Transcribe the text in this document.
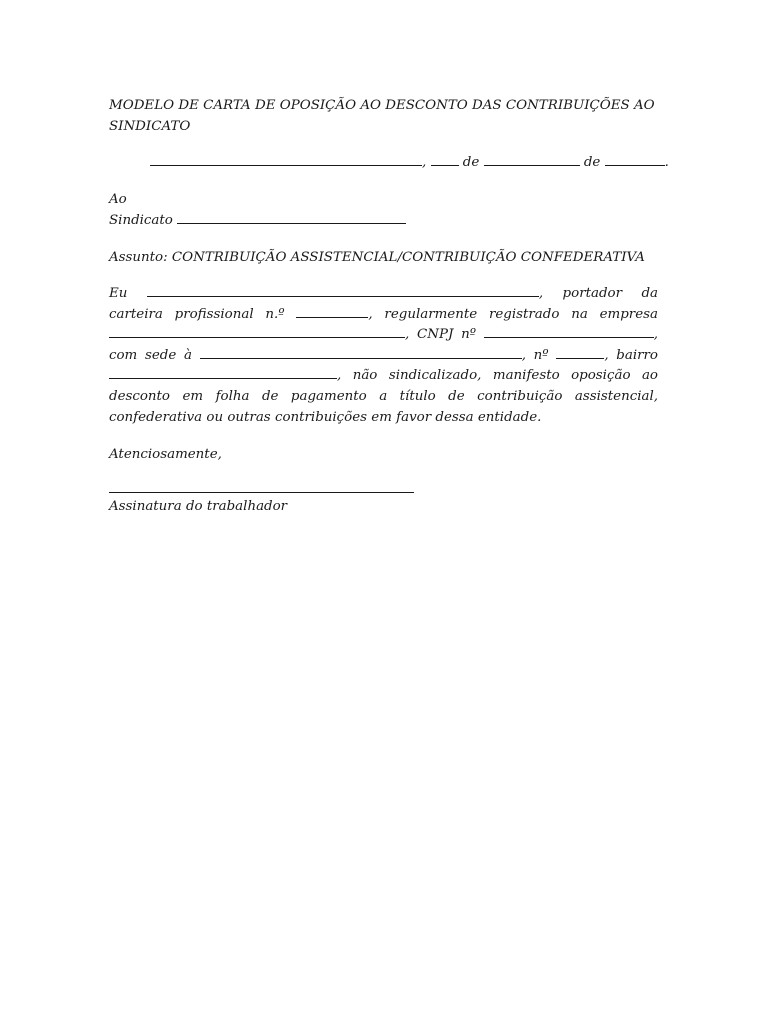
MODELO DE CARTA DE OPOSIÇÃO AO DESCONTO DAS CONTRIBUIÇÕES AO
SINDICATO
,	de	de	.
Ao
Sindicato
Assunto: CONTRIBUIÇÃO ASSISTENCIAL/CONTRIBUIÇÃO CONFEDERATIVA
Eu	, portador da
carteira profissional n.º	, regularmente registrado na empresa
, CNPJ nº	,
com sede à	, nº	, bairro
, não sindicalizado, manifesto oposição ao
desconto em folha de pagamento a título de contribuição assistencial,
confederativa ou outras contribuições em favor dessa entidade.
Atenciosamente,
Assinatura do trabalhador
